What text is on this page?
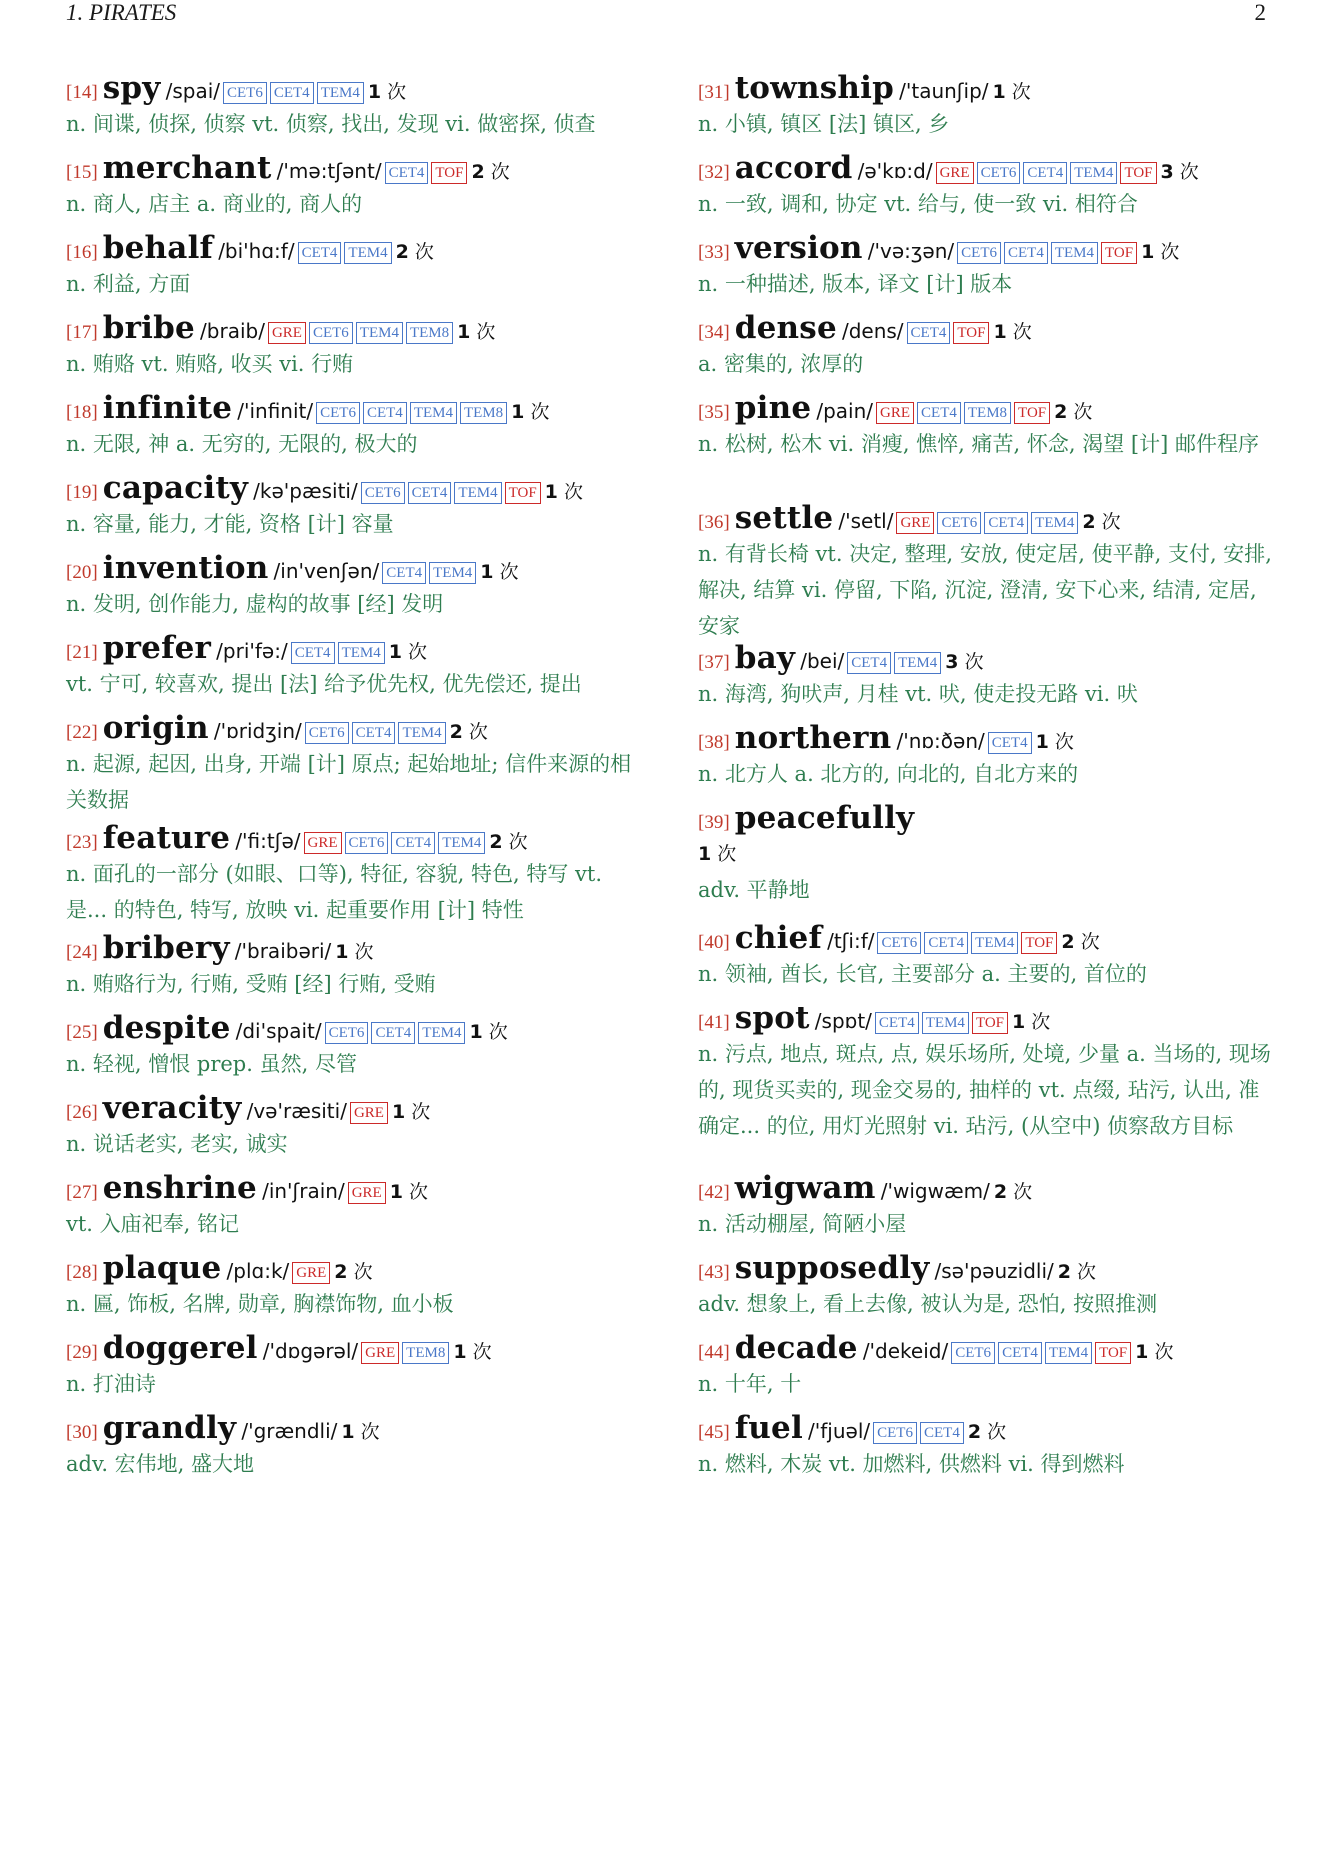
1. PIRATES	2
[14] spy /spai/ CET6 CET4 TEM4 1 次
n. 间谍, 侦探, 侦察 vt. 侦察, 找出, 发现 vi. 做密探, 侦查
[15] merchant /'mə:tʃənt/ CET4 TOF 2 次
n. 商人, 店主 a. 商业的, 商人的
[16] behalf /bi'hɑ:f/ CET4 TEM4 2 次
n. 利益, 方面
[17] bribe /braib/ GRE CET6 TEM4 TEM8 1 次
n. 贿赂 vt. 贿赂, 收买 vi. 行贿
[18] infinite /'infinit/ CET6 CET4 TEM4 TEM8 1 次
n. 无限, 神 a. 无穷的, 无限的, 极大的
[19] capacity /kə'pæsiti/ CET6 CET4 TEM4 TOF 1 次
n. 容量, 能力, 才能, 资格 [计] 容量
[20] invention /in'venʃən/ CET4 TEM4 1 次
n. 发明, 创作能力, 虚构的故事 [经] 发明
[21] prefer /pri'fə:/ CET4 TEM4 1 次
vt. 宁可, 较喜欢, 提出 [法] 给予优先权, 优先偿还, 提出
[22] origin /'ɒridʒin/ CET6 CET4 TEM4 2 次
n. 起源, 起因, 出身, 开端 [计] 原点; 起始地址; 信件来源的相关数据
[23] feature /'fi:tʃə/ GRE CET6 CET4 TEM4 2 次
n. 面孔的一部分 (如眼、口等), 特征, 容貌, 特色, 特写 vt. 是... 的特色, 特写, 放映 vi. 起重要作用 [计] 特性
[24] bribery /'braibəri/ 1 次
n. 贿赂行为, 行贿, 受贿 [经] 行贿, 受贿
[25] despite /di'spait/ CET6 CET4 TEM4 1 次
n. 轻视, 憎恨 prep. 虽然, 尽管
[26] veracity /və'ræsiti/ GRE 1 次
n. 说话老实, 老实, 诚实
[27] enshrine /in'ʃrain/ GRE 1 次
vt. 入庙祀奉, 铭记
[28] plaque /plɑ:k/ GRE 2 次
n. 匾, 饰板, 名牌, 勋章, 胸襟饰物, 血小板
[29] doggerel /'dɒgərəl/ GRE TEM8 1 次
n. 打油诗
[30] grandly /'grændli/ 1 次
adv. 宏伟地, 盛大地
[31] township /'taunʃip/ 1 次
n. 小镇, 镇区 [法] 镇区, 乡
[32] accord /ə'kɒ:d/ GRE CET6 CET4 TEM4 TOF 3 次
n. 一致, 调和, 协定 vt. 给与, 使一致 vi. 相符合
[33] version /'və:ʒən/ CET6 CET4 TEM4 TOF 1 次
n. 一种描述, 版本, 译文 [计] 版本
[34] dense /dens/ CET4 TOF 1 次
a. 密集的, 浓厚的
[35] pine /pain/ GRE CET4 TEM8 TOF 2 次
n. 松树, 松木 vi. 消瘦, 憔悴, 痛苦, 怀念, 渴望 [计] 邮件程序
[36] settle /'setl/ GRE CET6 CET4 TEM4 2 次
n. 有背长椅 vt. 决定, 整理, 安放, 使定居, 使平静, 支付, 安排, 解决, 结算 vi. 停留, 下陷, 沉淀, 澄清, 安下心来, 结清, 定居, 安家
[37] bay /bei/ CET4 TEM4 3 次
n. 海湾, 狗吠声, 月桂 vt. 吠, 使走投无路 vi. 吠
[38] northern /'nɒ:ðən/ CET4 1 次
n. 北方人 a. 北方的, 向北的, 自北方来的
[39] peacefully
1 次
adv. 平静地
[40] chief /tʃi:f/ CET6 CET4 TEM4 TOF 2 次
n. 领袖, 酋长, 长官, 主要部分 a. 主要的, 首位的
[41] spot /spɒt/ CET4 TEM4 TOF 1 次
n. 污点, 地点, 斑点, 点, 娱乐场所, 处境, 少量 a. 当场的, 现场的, 现货买卖的, 现金交易的, 抽样的 vt. 点缀, 玷污, 认出, 准确定... 的位, 用灯光照射 vi. 玷污, (从空中) 侦察敌方目标
[42] wigwam /'wigwæm/ 2 次
n. 活动棚屋, 简陋小屋
[43] supposedly /sə'pəuzidli/ 2 次
adv. 想象上, 看上去像, 被认为是, 恐怕, 按照推测
[44] decade /'dekeid/ CET6 CET4 TEM4 TOF 1 次
n. 十年, 十
[45] fuel /'fjuəl/ CET6 CET4 2 次
n. 燃料, 木炭 vt. 加燃料, 供燃料 vi. 得到燃料
